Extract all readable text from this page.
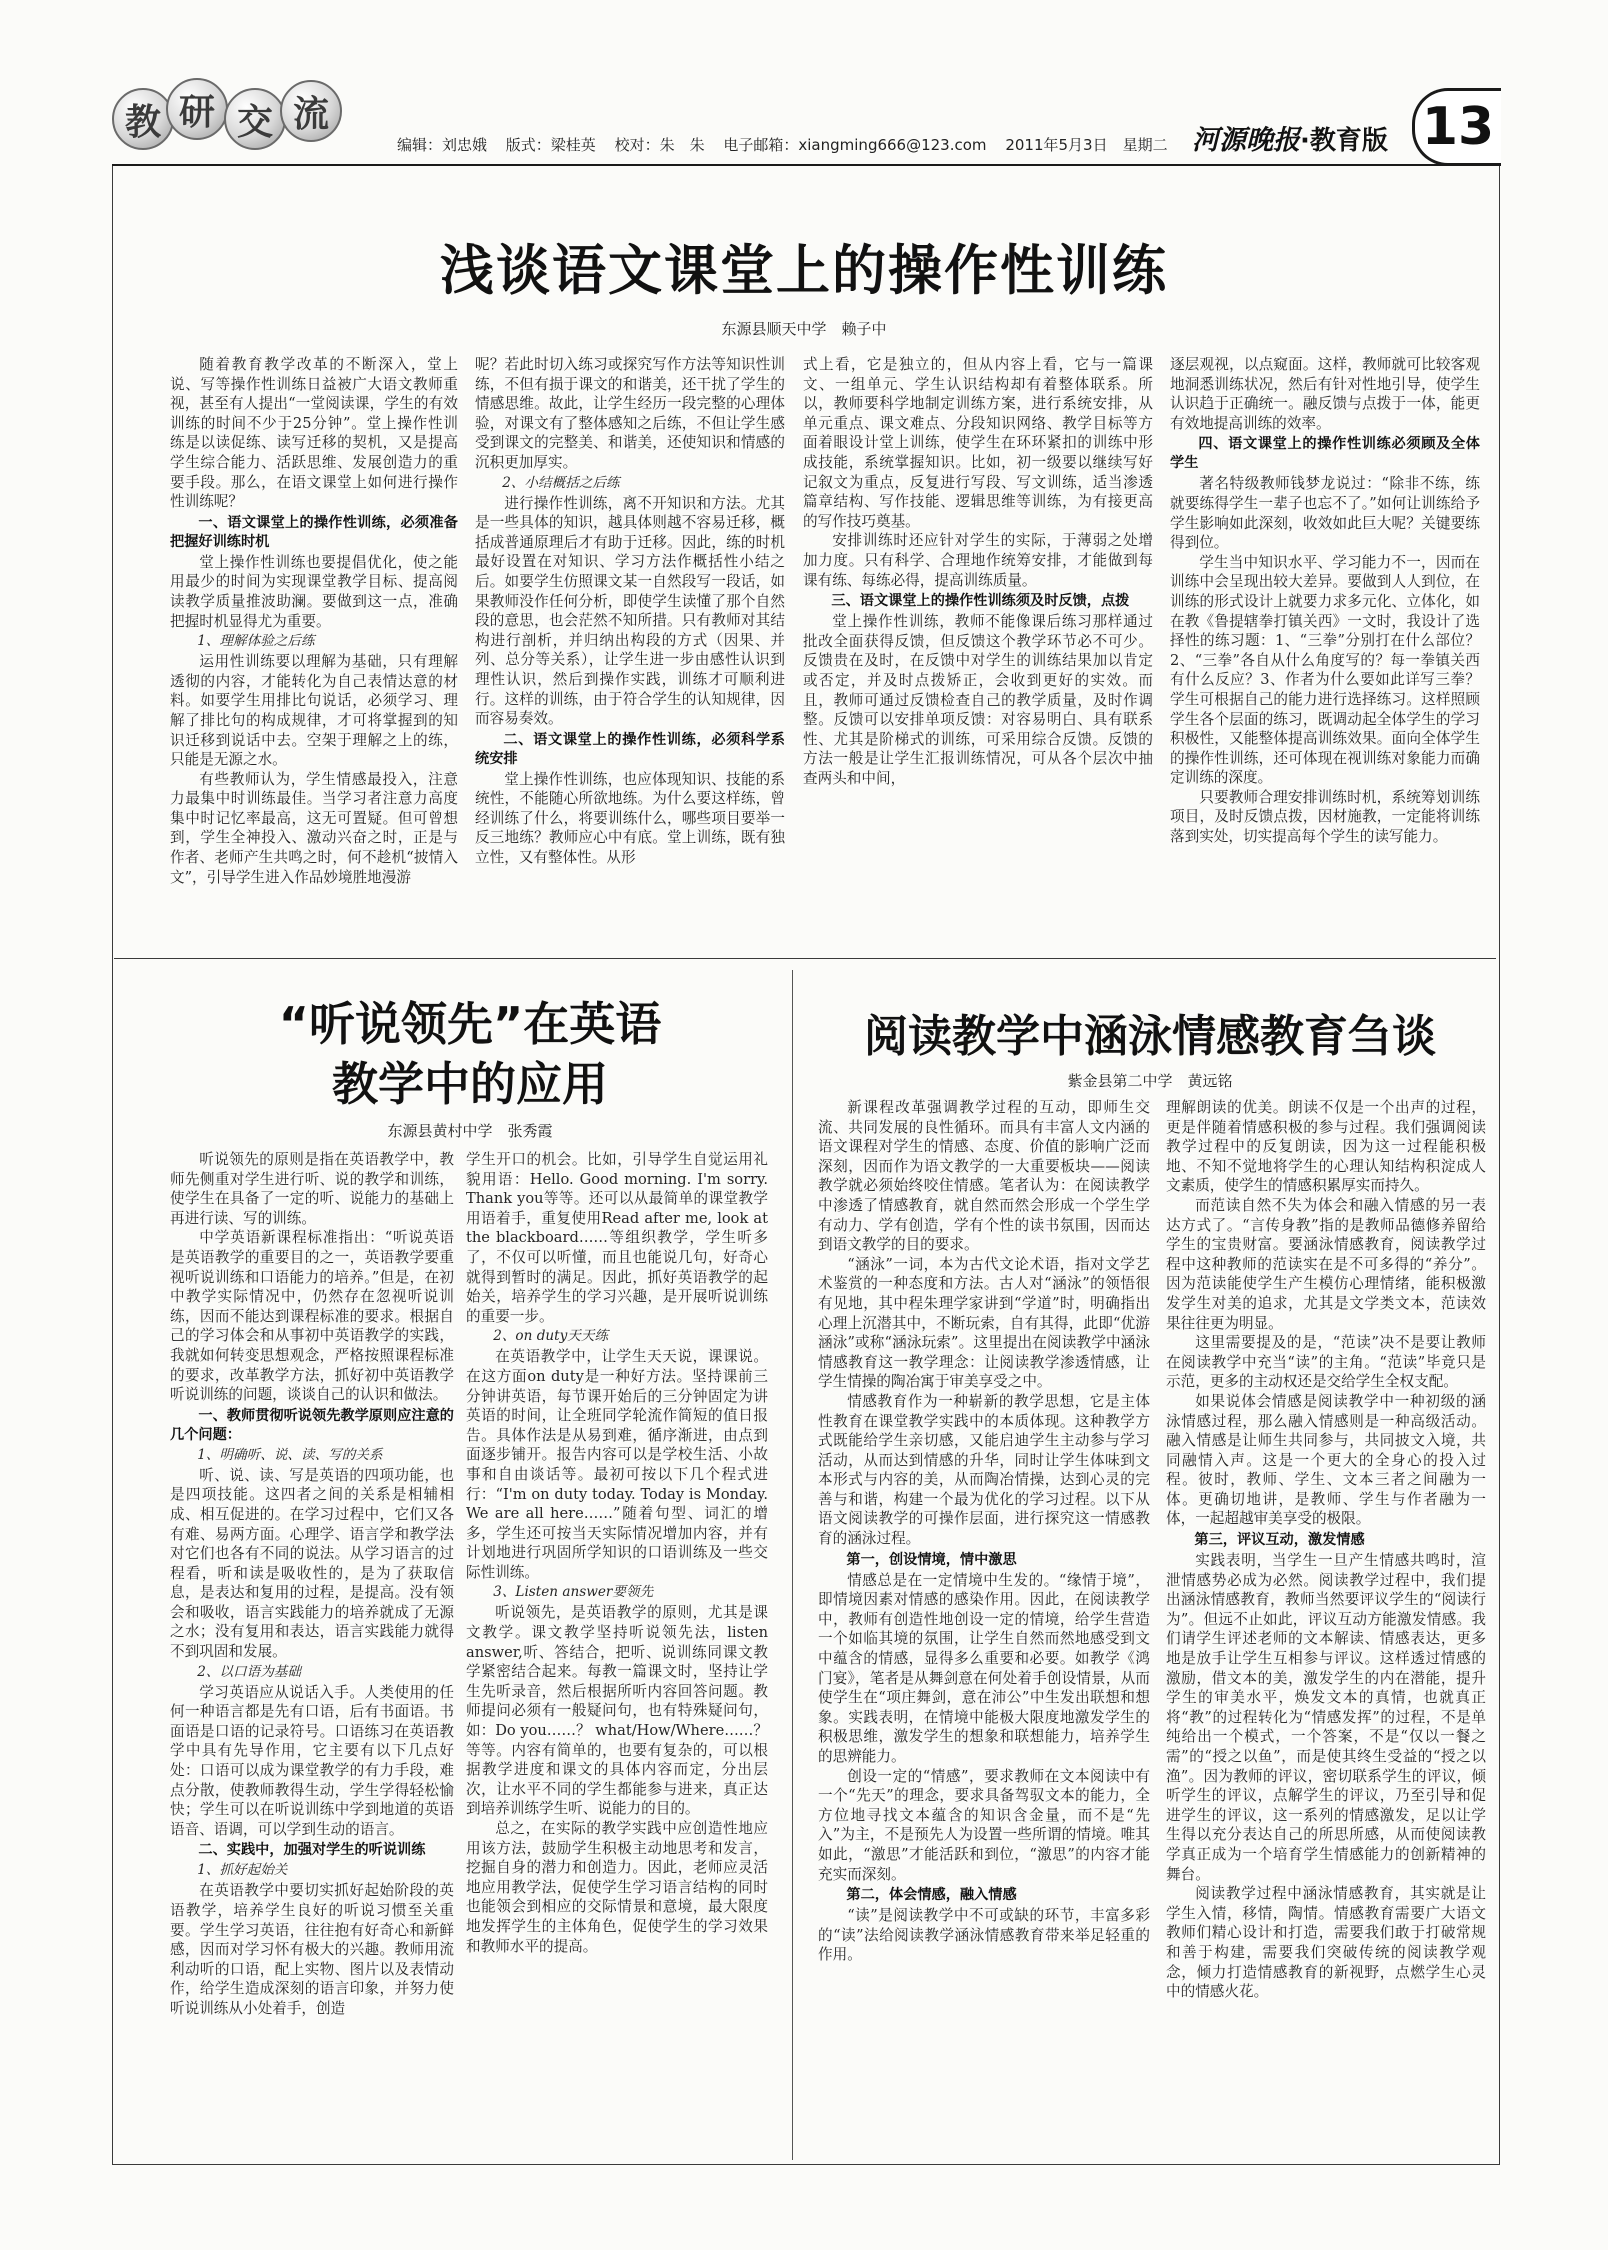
教 研 交 流
编辑：刘忠娥 版式：梁桂英 校对：朱　朱 电子邮箱：xiangming666@123.com 2011年5月3日　星期二 河源晚报·教育版 13
浅谈语文课堂上的操作性训练
东源县顺天中学　赖子中

随着教育教学改革的不断深入，堂上说、写等操作性训练日益被广大语文教师重视，甚至有人提出“一堂阅读课，学生的有效训练的时间不少于25分钟”。堂上操作性训练是以读促练、读写迁移的契机，又是提高学生综合能力、活跃思维、发展创造力的重要手段。那么，在语文课堂上如何进行操作性训练呢？

一、语文课堂上的操作性训练，必须准备把握好训练时机

堂上操作性训练也要提倡优化，使之能用最少的时间为实现课堂教学目标、提高阅读教学质量推波助澜。要做到这一点，准确把握时机显得尤为重要。

1、理解体验之后练

运用性训练要以理解为基础，只有理解透彻的内容，才能转化为自己表情达意的材料。如要学生用排比句说话，必须学习、理解了排比句的构成规律，才可将掌握到的知识迁移到说话中去。空架于理解之上的练，只能是无源之水。

有些教师认为，学生情感最投入，注意力最集中时训练最佳。当学习者注意力高度集中时记忆率最高，这无可置疑。但可曾想到，学生全神投入、激动兴奋之时，正是与作者、老师产生共鸣之时，何不趁机“披情入文”，引导学生进入作品妙境胜地漫游

呢？若此时切入练习或探究写作方法等知识性训练，不但有损于课文的和谐美，还干扰了学生的情感思维。故此，让学生经历一段完整的心理体验，对课文有了整体感知之后练，不但让学生感受到课文的完整美、和谐美，还使知识和情感的沉积更加厚实。

2、小结概括之后练

进行操作性训练，离不开知识和方法。尤其是一些具体的知识，越具体则越不容易迁移，概括成普通原理后才有助于迁移。因此，练的时机最好设置在对知识、学习方法作概括性小结之后。如要学生仿照课文某一自然段写一段话，如果教师没作任何分析，即使学生读懂了那个自然段的意思，也会茫然不知所措。只有教师对其结构进行剖析，并归纳出构段的方式（因果、并列、总分等关系），让学生进一步由感性认识到理性认识，然后到操作实践，训练才可顺利进行。这样的训练，由于符合学生的认知规律，因而容易奏效。

二、语文课堂上的操作性训练，必须科学系统安排

堂上操作性训练，也应体现知识、技能的系统性，不能随心所欲地练。为什么要这样练，曾经训练了什么，将要训练什么，哪些项目要举一反三地练？教师应心中有底。堂上训练，既有独立性，又有整体性。从形

式上看，它是独立的，但从内容上看，它与一篇课文、一组单元、学生认识结构却有着整体联系。所以，教师要科学地制定训练方案，进行系统安排，从单元重点、课文难点、分段知识网络、教学目标等方面着眼设计堂上训练，使学生在环环紧扣的训练中形成技能，系统掌握知识。比如，初一级要以继续写好记叙文为重点，反复进行写段、写文训练，适当渗透篇章结构、写作技能、逻辑思维等训练，为有接更高的写作技巧奠基。

安排训练时还应针对学生的实际，于薄弱之处增加力度。只有科学、合理地作统筹安排，才能做到每课有练、每练必得，提高训练质量。

三、语文课堂上的操作性训练须及时反馈，点拨

堂上操作性训练，教师不能像课后练习那样通过批改全面获得反馈，但反馈这个教学环节必不可少。反馈贵在及时，在反馈中对学生的训练结果加以肯定或否定，并及时点拨矫正，会收到更好的实效。而且，教师可通过反馈检查自己的教学质量，及时作调整。反馈可以安排单项反馈：对容易明白、具有联系性、尤其是阶梯式的训练，可采用综合反馈。反馈的方法一般是让学生汇报训练情况，可从各个层次中抽查两头和中间，

逐层观视，以点窥面。这样，教师就可比较客观地洞悉训练状况，然后有针对性地引导，使学生认识趋于正确统一。融反馈与点拨于一体，能更有效地提高训练的效率。

四、语文课堂上的操作性训练必须顾及全体学生

著名特级教师钱梦龙说过：“除非不练，练就要练得学生一辈子也忘不了。”如何让训练给予学生影响如此深刻，收效如此巨大呢？关键要练得到位。

学生当中知识水平、学习能力不一，因而在训练中会呈现出较大差异。要做到人人到位，在训练的形式设计上就要力求多元化、立体化，如在教《鲁提辖拳打镇关西》一文时，我设计了选择性的练习题：1、“三拳”分别打在什么部位？2、“三拳”各自从什么角度写的？每一拳镇关西有什么反应？3、作者为什么要如此详写三拳？学生可根据自己的能力进行选择练习。这样照顾学生各个层面的练习，既调动起全体学生的学习积极性，又能整体提高训练效果。面向全体学生的操作性训练，还可体现在视训练对象能力而确定训练的深度。

只要教师合理安排训练时机，系统筹划训练项目，及时反馈点拨，因材施教，一定能将训练落到实处，切实提高每个学生的读写能力。

“听说领先”在英语
教学中的应用
东源县黄村中学　张秀霞

听说领先的原则是指在英语教学中，教师先侧重对学生进行听、说的教学和训练，使学生在具备了一定的听、说能力的基础上再进行读、写的训练。

中学英语新课程标准指出：“听说英语是英语教学的重要目的之一，英语教学要重视听说训练和口语能力的培养。”但是，在初中教学实际情况中，仍然存在忽视听说训练，因而不能达到课程标准的要求。根据自己的学习体会和从事初中英语教学的实践，我就如何转变思想观念，严格按照课程标准的要求，改革教学方法，抓好初中英语教学听说训练的问题，谈谈自己的认识和做法。

一、教师贯彻听说领先教学原则应注意的几个问题：
1、明确听、说、读、写的关系

听、说、读、写是英语的四项功能，也是四项技能。这四者之间的关系是相辅相成、相互促进的。在学习过程中，它们又各有难、易两方面。心理学、语言学和教学法对它们也各有不同的说法。从学习语言的过程看，听和读是吸收性的，是为了获取信息，是表达和复用的过程，是提高。没有领会和吸收，语言实践能力的培养就成了无源之水；没有复用和表达，语言实践能力就得不到巩固和发展。

2、以口语为基础

学习英语应从说话入手。人类使用的任何一种语言都是先有口语，后有书面语。书面语是口语的记录符号。口语练习在英语教学中具有先导作用，它主要有以下几点好处：口语可以成为课堂教学的有力手段，难点分散，使教师教得生动，学生学得轻松愉快；学生可以在听说训练中学到地道的英语语音、语调，可以学到生动的语言。

二、实践中，加强对学生的听说训练
1、抓好起始关

在英语教学中要切实抓好起始阶段的英语教学，培养学生良好的听说习惯至关重要。学生学习英语，往往抱有好奇心和新鲜感，因而对学习怀有极大的兴趣。教师用流利动听的口语，配上实物、图片以及表情动作，给学生造成深刻的语言印象，并努力使听说训练从小处着手，创造

学生开口的机会。比如，引导学生自觉运用礼貌用语：Hello. Good morning. I'm sorry. Thank you等等。还可以从最简单的课堂教学用语着手，重复使用Read after me, look at the blackboard……等组织教学，学生听多了，不仅可以听懂，而且也能说几句，好奇心就得到暂时的满足。因此，抓好英语教学的起始关，培养学生的学习兴趣，是开展听说训练的重要一步。

2、on duty天天练

在英语教学中，让学生天天说，课课说。在这方面on duty是一种好方法。坚持课前三分钟讲英语，每节课开始后的三分钟固定为讲英语的时间，让全班同学轮流作简短的值日报告。具体作法是从易到难，循序渐进，由点到面逐步铺开。报告内容可以是学校生活、小故事和自由谈话等。最初可按以下几个程式进行：“I'm on duty today. Today is Monday. We are all here……”随着句型、词汇的增多，学生还可按当天实际情况增加内容，并有计划地进行巩固所学知识的口语训练及一些交际性训练。

3、Listen answer要领先

听说领先，是英语教学的原则，尤其是课文教学。课文教学坚持听说领先法，listen answer,听、答结合，把听、说训练同课文教学紧密结合起来。每教一篇课文时，坚持让学生先听录音，然后根据所听内容回答问题。教师提问必须有一般疑问句，也有特殊疑问句，如：Do you……？ what/How/Where……？等等。内容有简单的，也要有复杂的，可以根据教学进度和课文的具体内容而定，分出层次，让水平不同的学生都能参与进来，真正达到培养训练学生听、说能力的目的。

总之，在实际的教学实践中应创造性地应用该方法，鼓励学生积极主动地思考和发言，挖掘自身的潜力和创造力。因此，老师应灵活地应用教学法，促使学生学习语言结构的同时也能领会到相应的交际情景和意境，最大限度地发挥学生的主体角色，促使学生的学习效果和教师水平的提高。

阅读教学中涵泳情感教育刍谈
紫金县第二中学　黄远铭

新课程改革强调教学过程的互动，即师生交流、共同发展的良性循环。而具有丰富人文内涵的语文课程对学生的情感、态度、价值的影响广泛而深刻，因而作为语文教学的一大重要板块——阅读教学就必须始终咬住情感。笔者认为：在阅读教学中渗透了情感教育，就自然而然会形成一个学生学有动力、学有创造，学有个性的读书氛围，因而达到语文教学的目的要求。

“涵泳”一词，本为古代文论术语，指对文学艺术鉴赏的一种态度和方法。古人对“涵泳”的领悟很有见地，其中程朱理学家讲到“学道”时，明确指出心理上沉潜其中，不断玩索，自有其得，此即“优游涵泳”或称“涵泳玩索”。这里提出在阅读教学中涵泳情感教育这一教学理念：让阅读教学渗透情感，让学生情操的陶冶寓于审美享受之中。

情感教育作为一种崭新的教学思想，它是主体性教育在课堂教学实践中的本质体现。这种教学方式既能给学生亲切感，又能启迪学生主动参与学习活动，从而达到情感的升华，同时让学生体味到文本形式与内容的美，从而陶冶情操，达到心灵的完善与和谐，构建一个最为优化的学习过程。以下从语文阅读教学的可操作层面，进行探究这一情感教育的涵泳过程。

第一，创设情境，情中激思

情感总是在一定情境中生发的。“缘情于境”，即情境因素对情感的感染作用。因此，在阅读教学中，教师有创造性地创设一定的情境，给学生营造一个如临其境的氛围，让学生自然而然地感受到文中蕴含的情感，显得多么重要和必要。如教学《鸿门宴》，笔者是从舞剑意在何处着手创设情景，从而使学生在“项庄舞剑，意在沛公”中生发出联想和想象。实践表明，在情境中能极大限度地激发学生的积极思维，激发学生的想象和联想能力，培养学生的思辨能力。

创设一定的“情感”，要求教师在文本阅读中有一个“先天”的理念，要求具备驾驭文本的能力，全方位地寻找文本蕴含的知识含金量，而不是“先入”为主，不是预先人为设置一些所谓的情境。唯其如此，“激思”才能活跃和到位，“激思”的内容才能充实而深刻。

第二，体会情感，融入情感

“读”是阅读教学中不可或缺的环节，丰富多彩的“读”法给阅读教学涵泳情感教育带来举足轻重的作用。

理解朗读的优美。朗读不仅是一个出声的过程，更是伴随着情感积极的参与过程。我们强调阅读教学过程中的反复朗读，因为这一过程能积极地、不知不觉地将学生的心理认知结构积淀成人文素质，使学生的情感积累厚实而持久。

而范读自然不失为体会和融入情感的另一表达方式了。“言传身教”指的是教师品德修养留给学生的宝贵财富。要涵泳情感教育，阅读教学过程中这种教师的范读实在是不可多得的“养分”。因为范读能使学生产生模仿心理情绪，能积极激发学生对美的追求，尤其是文学类文本，范读效果往往更为明显。

这里需要提及的是，“范读”决不是要让教师在阅读教学中充当“读”的主角。“范读”毕竟只是示范，更多的主动权还是交给学生全权支配。

如果说体会情感是阅读教学中一种初级的涵泳情感过程，那么融入情感则是一种高级活动。融入情感是让师生共同参与，共同披文入境，共同融情入声。这是一个更大的全身心的投入过程。彼时，教师、学生、文本三者之间融为一体。更确切地讲，是教师、学生与作者融为一体，一起超越审美享受的极限。

第三，评议互动，激发情感

实践表明，当学生一旦产生情感共鸣时，渲泄情感势必成为必然。阅读教学过程中，我们提出涵泳情感教育，教师当然要评议学生的“阅读行为”。但远不止如此，评议互动方能激发情感。我们请学生评述老师的文本解读、情感表达，更多地是放手让学生互相参与评议。这样透过情感的激励，借文本的美，激发学生的内在潜能，提升学生的审美水平，焕发文本的真情，也就真正将“教”的过程转化为“情感发挥”的过程，不是单纯给出一个模式，一个答案，不是“仅以一餐之需”的“授之以鱼”，而是使其终生受益的“授之以渔”。因为教师的评议，密切联系学生的评议，倾听学生的评议，点解学生的评议，乃至引导和促进学生的评议，这一系列的情感激发，足以让学生得以充分表达自己的所思所感，从而使阅读教学真正成为一个培育学生情感能力的创新精神的舞台。

阅读教学过程中涵泳情感教育，其实就是让学生入情，移情，陶情。情感教育需要广大语文教师们精心设计和打造，需要我们敢于打破常规和善于构建，需要我们突破传统的阅读教学观念，倾力打造情感教育的新视野，点燃学生心灵中的情感火花。
